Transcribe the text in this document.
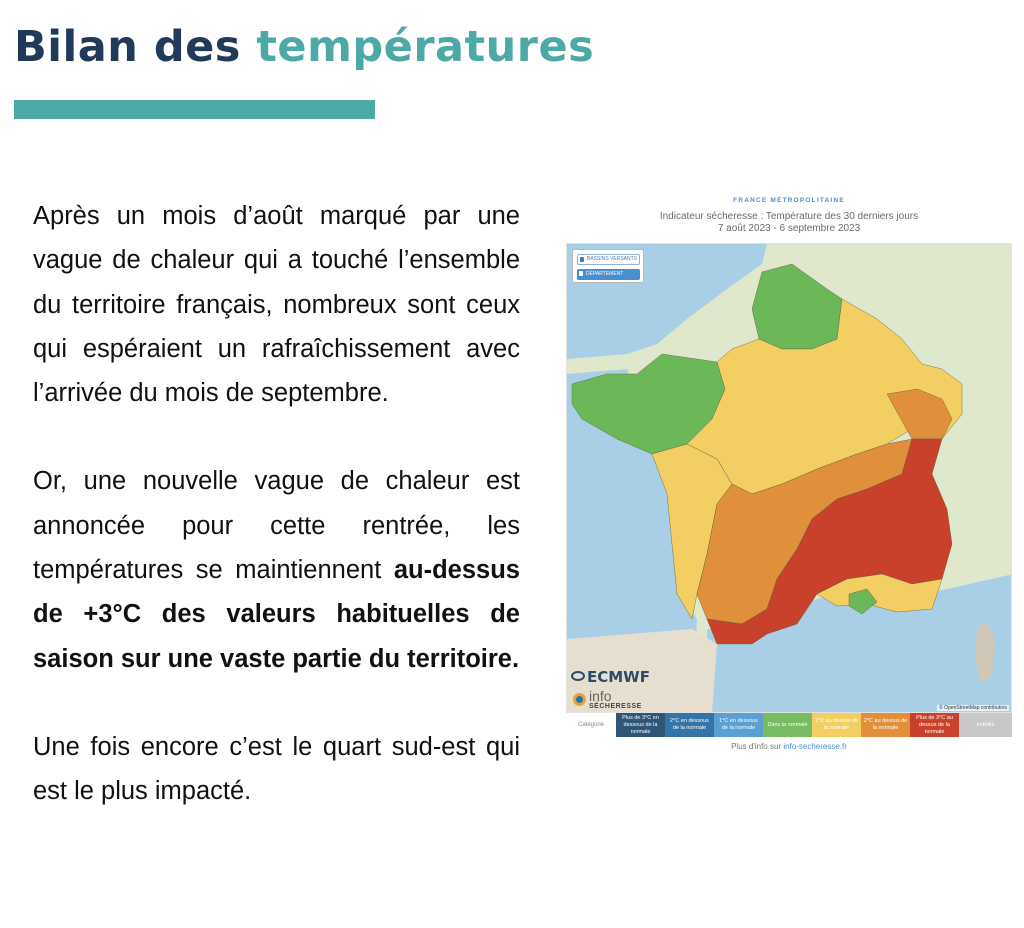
Bilan des températures

Après un mois d’août marqué par une vague de chaleur qui a touché l’ensemble du territoire français, nombreux sont ceux qui espéraient un rafraîchissement avec l’arrivée du mois de septembre.

Or, une nouvelle vague de chaleur est annoncée pour cette rentrée, les températures se maintiennent au-dessus de +3°C des valeurs habituelles de saison sur une vaste partie du territoire.

Une fois encore c’est le quart sud-est qui est le plus impacté.

FRANCE MÉTROPOLITAINE
Indicateur sécheresse : Température des 30 derniers jours
7 août 2023 - 6 septembre 2023
BASSINS VERSANTS
DÉPARTEMENT
ECMWF
info
SÉCHERESSE	© OpenStreetMap contributors
Catégorie
Plus de 3°C en dessous de la normale
2°C en dessous de la normale
1°C en dessous de la normale
Dans la normale
1°C au dessus de la normale
2°C au dessus de la normale
Plus de 3°C au dessus de la normale
Indéfini
Plus d'info sur info-secheresse.fr
